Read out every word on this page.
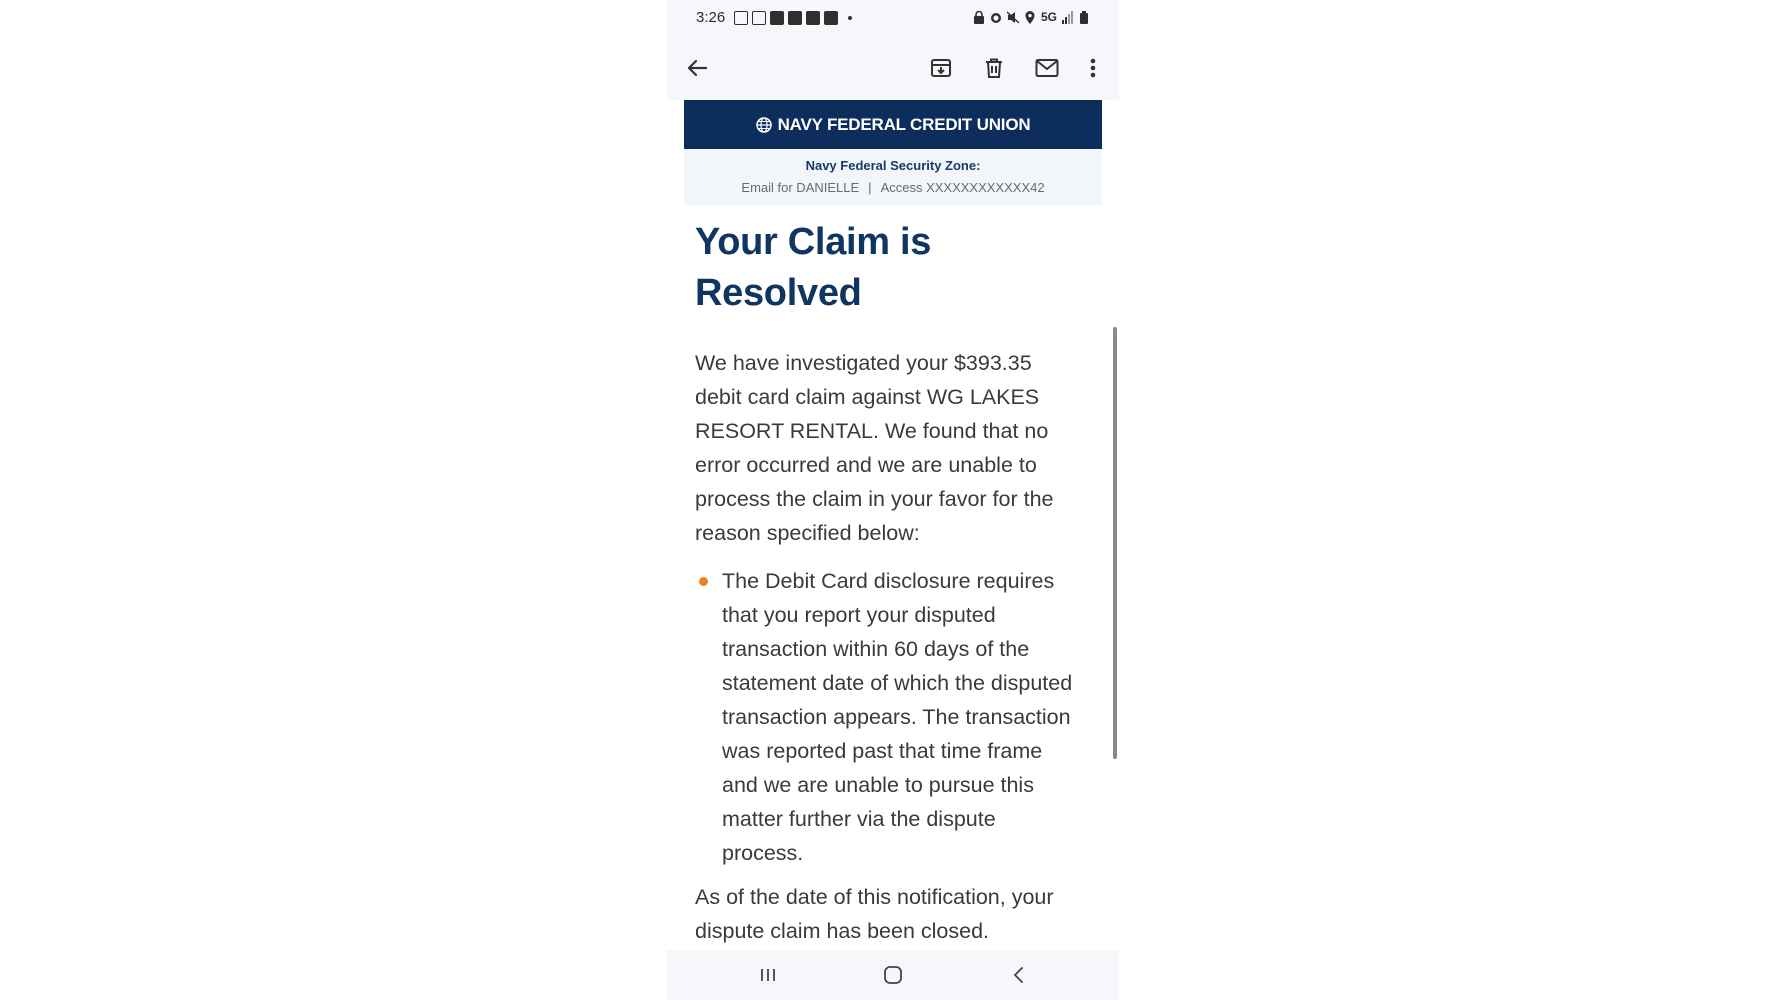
3:26	5G
NAVY FEDERAL CREDIT UNION
Navy Federal Security Zone:
Email for DANIELLE | Access XXXXXXXXXXXX42
Your Claim is Resolved

We have investigated your $393.35 debit card claim against WG LAKES RESORT RENTAL. We found that no error occurred and we are unable to process the claim in your favor for the reason specified below:

The Debit Card disclosure requires that you report your disputed transaction within 60 days of the statement date of which the disputed transaction appears. The transaction was reported past that time frame and we are unable to pursue this matter further via the dispute process.

As of the date of this notification, your dispute claim has been closed.
